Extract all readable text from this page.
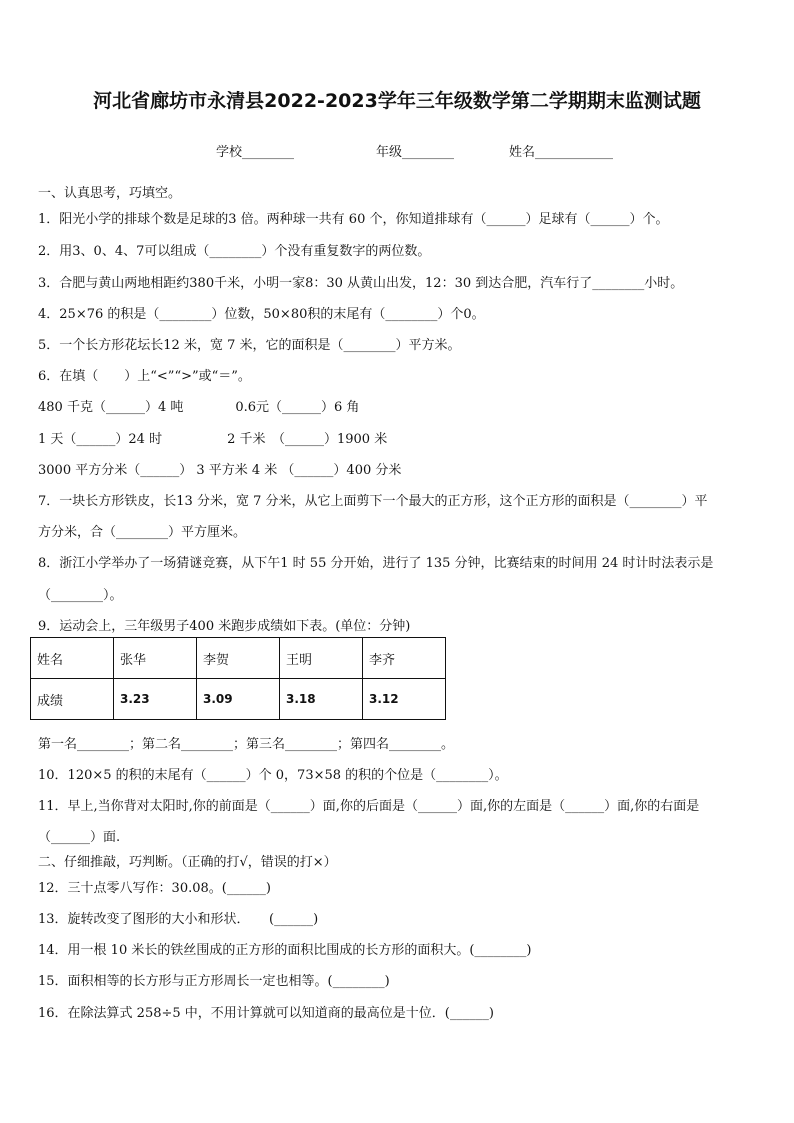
河北省廊坊市永清县2022-2023学年三年级数学第二学期期末监测试题
学校________	年级________	姓名____________
一、认真思考，巧填空。
1．阳光小学的排球个数是足球的3 倍。两种球一共有 60 个，你知道排球有（______）足球有（______）个。
2．用3、0、4、7可以组成（________）个没有重复数字的两位数。
3．合肥与黄山两地相距约380千米，小明一家8：30 从黄山出发，12：30 到达合肥，汽车行了________小时。
4．25×76 的积是（________）位数，50×80积的末尾有（________）个0。
5．一个长方形花坛长12 米，宽 7 米，它的面积是（________）平方米。
6．在填（　　）上“<”“>”或“＝”。
480 千克（______）4 吨　　　　0.6元（______）6 角
1 天（______）24 时　　　　　2 千米　（______）1900 米
3000 平方分米（______） 3 平方米 4 米 （______）400 分米
7．一块长方形铁皮，长13 分米，宽 7 分米，从它上面剪下一个最大的正方形，这个正方形的面积是（________）平
方分米，合（________）平方厘米。
8．浙江小学举办了一场猜谜竞赛，从下午1 时 55 分开始，进行了 135 分钟，比赛结束的时间用 24 时计时法表示是
（________）。
9．运动会上，三年级男子400 米跑步成绩如下表。(单位：分钟)
姓名	张华	李贺	王明	李齐
成绩	3.23	3.09	3.18	3.12
第一名________；第二名________；第三名________；第四名________。
10．120×5 的积的末尾有（______）个 0，73×58 的积的个位是（________）。
11．早上,当你背对太阳时,你的前面是（______）面,你的后面是（______）面,你的左面是（______）面,你的右面是
（______）面.
二、仔细推敲，巧判断。（正确的打√，错误的打×）
12．三十点零八写作：30.08。(______)
13．旋转改变了图形的大小和形状．　　(______)
14．用一根 10 米长的铁丝围成的正方形的面积比围成的长方形的面积大。(________)
15．面积相等的长方形与正方形周长一定也相等。(________)
16．在除法算式 258÷5 中，不用计算就可以知道商的最高位是十位．(______)
